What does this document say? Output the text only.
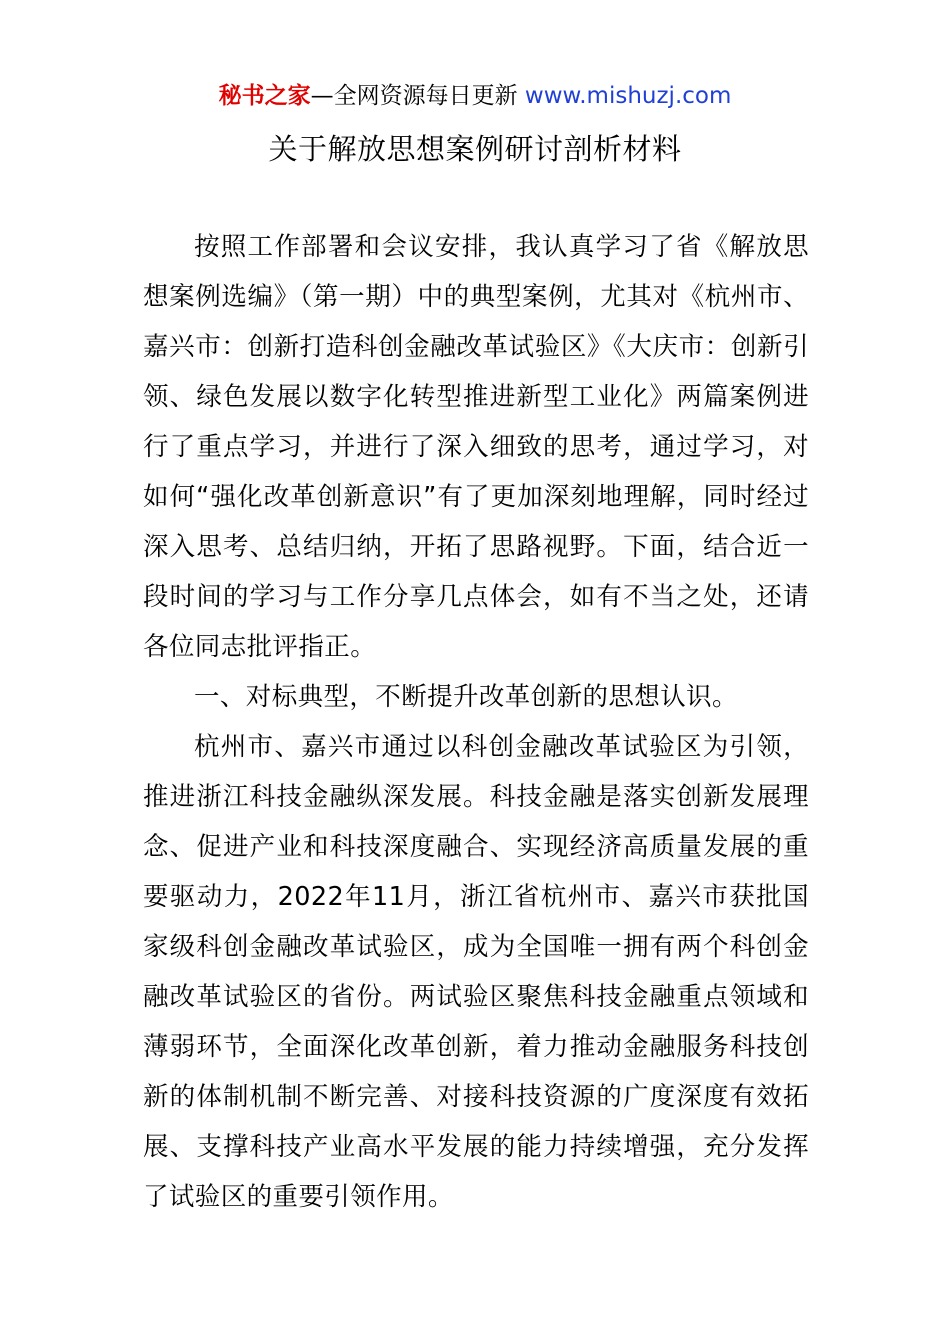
秘书之家—全网资源每日更新 www.mishuzj.com
关于解放思想案例研讨剖析材料

按照工作部署和会议安排，我认真学习了省《解放思想案例选编》（第一期）中的典型案例，尤其对《杭州市、嘉兴市：创新打造科创金融改革试验区》《大庆市：创新引领、绿色发展以数字化转型推进新型工业化》两篇案例进行了重点学习，并进行了深入细致的思考，通过学习，对如何“强化改革创新意识”有了更加深刻地理解，同时经过深入思考、总结归纳，开拓了思路视野。下面，结合近一段时间的学习与工作分享几点体会，如有不当之处，还请各位同志批评指正。

一、对标典型，不断提升改革创新的思想认识。

杭州市、嘉兴市通过以科创金融改革试验区为引领，推进浙江科技金融纵深发展。科技金融是落实创新发展理念、促进产业和科技深度融合、实现经济高质量发展的重要驱动力，2022年11月，浙江省杭州市、嘉兴市获批国家级科创金融改革试验区，成为全国唯一拥有两个科创金融改革试验区的省份。两试验区聚焦科技金融重点领域和薄弱环节，全面深化改革创新，着力推动金融服务科技创新的体制机制不断完善、对接科技资源的广度深度有效拓展、支撑科技产业高水平发展的能力持续增强，充分发挥了试验区的重要引领作用。
